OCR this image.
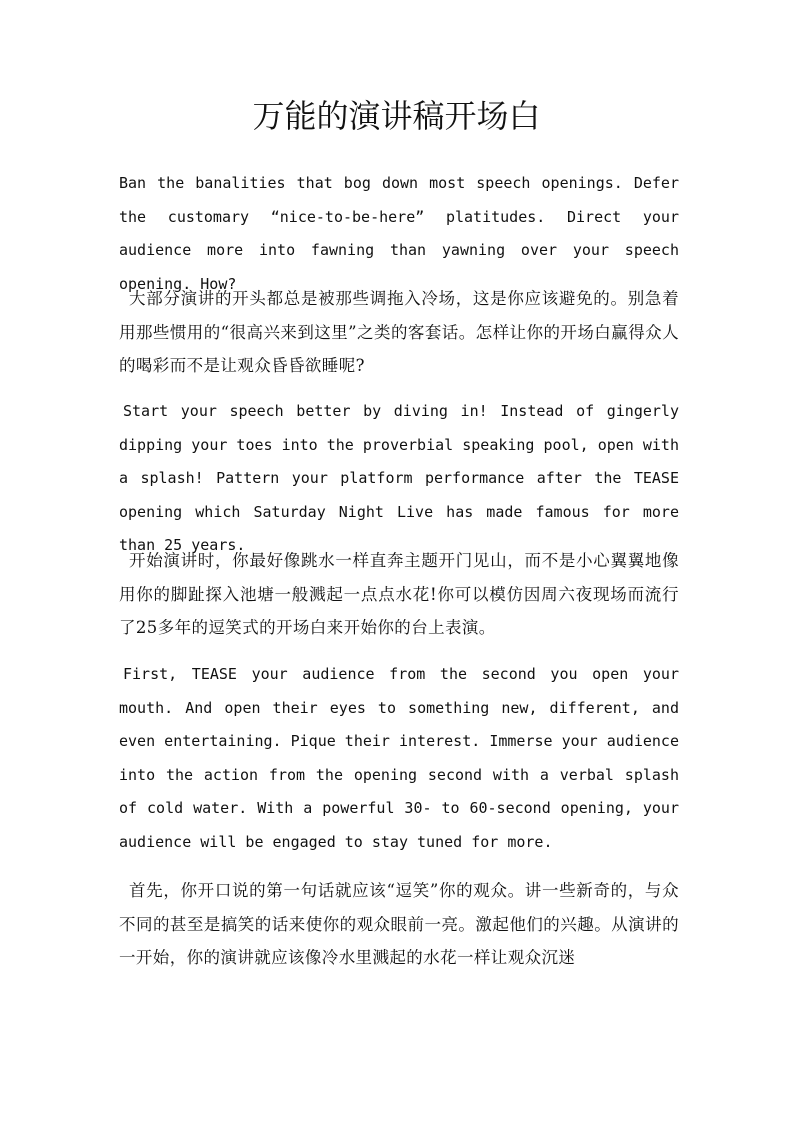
万能的演讲稿开场白

Ban the banalities that bog down most speech openings. Defer the customary “nice-to-be-here” platitudes. Direct your audience more into fawning than yawning over your speech opening. How?

大部分演讲的开头都总是被那些调拖入冷场，这是你应该避免的。别急着用那些惯用的“很高兴来到这里”之类的客套话。怎样让你的开场白赢得众人的喝彩而不是让观众昏昏欲睡呢?

Start your speech better by diving in! Instead of gingerly dipping your toes into the proverbial speaking pool, open with a splash! Pattern your platform performance after the TEASE opening which Saturday Night Live has made famous for more than 25 years.

开始演讲时，你最好像跳水一样直奔主题开门见山，而不是小心翼翼地像用你的脚趾探入池塘一般溅起一点点水花!你可以模仿因周六夜现场而流行了25多年的逗笑式的开场白来开始你的台上表演。

First, TEASE your audience from the second you open your mouth. And open their eyes to something new, different, and even entertaining. Pique their interest. Immerse your audience into the action from the opening second with a verbal splash of cold water. With a powerful 30- to 60-second opening, your audience will be engaged to stay tuned for more.

首先，你开口说的第一句话就应该“逗笑”你的观众。讲一些新奇的，与众不同的甚至是搞笑的话来使你的观众眼前一亮。激起他们的兴趣。从演讲的一开始，你的演讲就应该像冷水里溅起的水花一样让观众沉迷
